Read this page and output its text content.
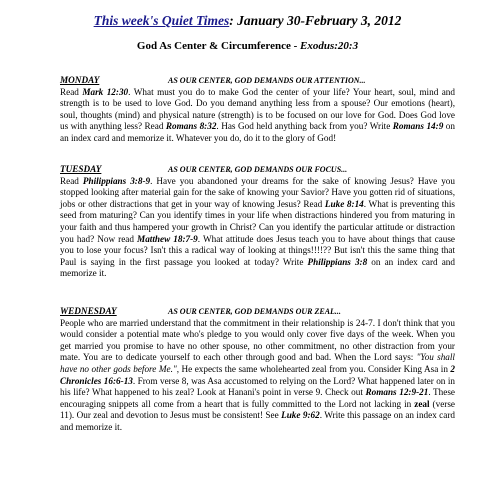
This week's Quiet Times: January 30-February 3, 2012
God As Center & Circumference - Exodus:20:3
MONDAY	AS OUR CENTER, GOD DEMANDS OUR ATTENTION...
Read Mark 12:30. What must you do to make God the center of your life? Your heart, soul, mind and strength is to be used to love God. Do you demand anything less from a spouse? Our emotions (heart), soul, thoughts (mind) and physical nature (strength) is to be focused on our love for God. Does God love us with anything less? Read Romans 8:32. Has God held anything back from you? Write Romans 14:9 on an index card and memorize it. Whatever you do, do it to the glory of God!
TUESDAY	AS OUR CENTER, GOD DEMANDS OUR FOCUS...
Read Philippians 3:8-9. Have you abandoned your dreams for the sake of knowing Jesus? Have you stopped looking after material gain for the sake of knowing your Savior? Have you gotten rid of situations, jobs or other distractions that get in your way of knowing Jesus? Read Luke 8:14. What is preventing this seed from maturing? Can you identify times in your life when distractions hindered you from maturing in your faith and thus hampered your growth in Christ? Can you identify the particular attitude or distraction you had? Now read Matthew 18:7-9. What attitude does Jesus teach you to have about things that cause you to lose your focus? Isn't this a radical way of looking at things!!!!?? But isn't this the same thing that Paul is saying in the first passage you looked at today? Write Philippians 3:8 on an index card and memorize it.
WEDNESDAY	AS OUR CENTER, GOD DEMANDS OUR ZEAL...
People who are married understand that the commitment in their relationship is 24-7. I don't think that you would consider a potential mate who's pledge to you would only cover five days of the week. When you get married you promise to have no other spouse, no other commitment, no other distraction from your mate. You are to dedicate yourself to each other through good and bad. When the Lord says: "You shall have no other gods before Me.", He expects the same wholehearted zeal from you. Consider King Asa in 2 Chronicles 16:6-13. From verse 8, was Asa accustomed to relying on the Lord? What happened later on in his life? What happened to his zeal? Look at Hanani's point in verse 9. Check out Romans 12:9-21. These encouraging snippets all come from a heart that is fully committed to the Lord not lacking in zeal (verse 11). Our zeal and devotion to Jesus must be consistent! See Luke 9:62. Write this passage on an index card and memorize it.
